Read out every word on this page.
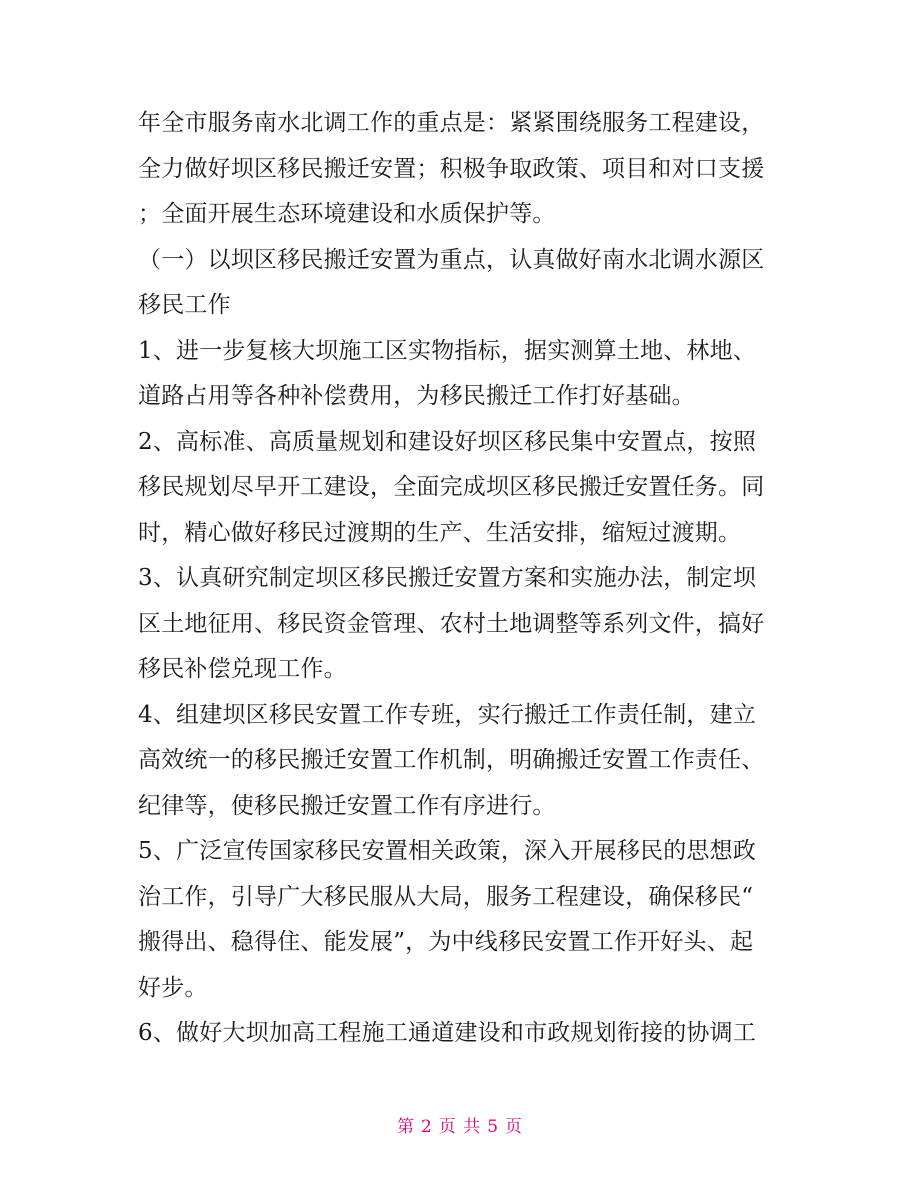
年全市服务南水北调工作的重点是：紧紧围绕服务工程建设，
全力做好坝区移民搬迁安置；积极争取政策、项目和对口支援
；全面开展生态环境建设和水质保护等。
（一）以坝区移民搬迁安置为重点，认真做好南水北调水源区
移民工作
1、进一步复核大坝施工区实物指标，据实测算土地、林地、
道路占用等各种补偿费用，为移民搬迁工作打好基础。
2、高标准、高质量规划和建设好坝区移民集中安置点，按照
移民规划尽早开工建设，全面完成坝区移民搬迁安置任务。同
时，精心做好移民过渡期的生产、生活安排，缩短过渡期。
3、认真研究制定坝区移民搬迁安置方案和实施办法，制定坝
区土地征用、移民资金管理、农村土地调整等系列文件，搞好
移民补偿兑现工作。
4、组建坝区移民安置工作专班，实行搬迁工作责任制，建立
高效统一的移民搬迁安置工作机制，明确搬迁安置工作责任、
纪律等，使移民搬迁安置工作有序进行。
5、广泛宣传国家移民安置相关政策，深入开展移民的思想政
治工作，引导广大移民服从大局，服务工程建设，确保移民“
搬得出、稳得住、能发展”，为中线移民安置工作开好头、起
好步。
6、做好大坝加高工程施工通道建设和市政规划衔接的协调工
第 2 页 共 5 页
